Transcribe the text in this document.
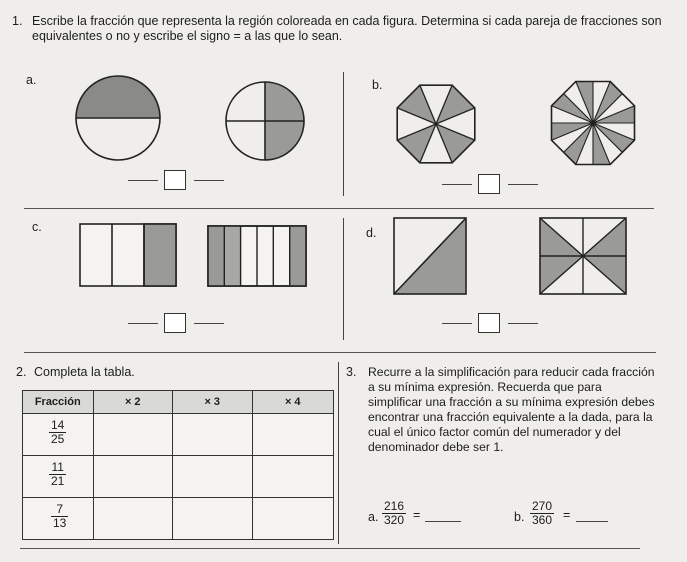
1. Escribe la fracción que representa la región coloreada en cada figura. Determina si cada pareja de fracciones son equivalentes o no y escribe el signo = a las que lo sean.
a.	b.
c.	d.
2. Completa la tabla.
Fracción	× 2	× 3	× 4

$\frac{14}{25}$

$\frac{11}{21}$

$\frac{7}{13}$

3. Recurre a la simplificación para reducir cada fracción a su mínima expresión. Recuerda que para simplificar una fracción a su mínima expresión debes encontrar una fracción equivalente a la dada, para la cual el único factor común del numerador y del denominador debe ser 1.
a. $\frac{216}{320}$ =	b. $\frac{270}{360}$ =
